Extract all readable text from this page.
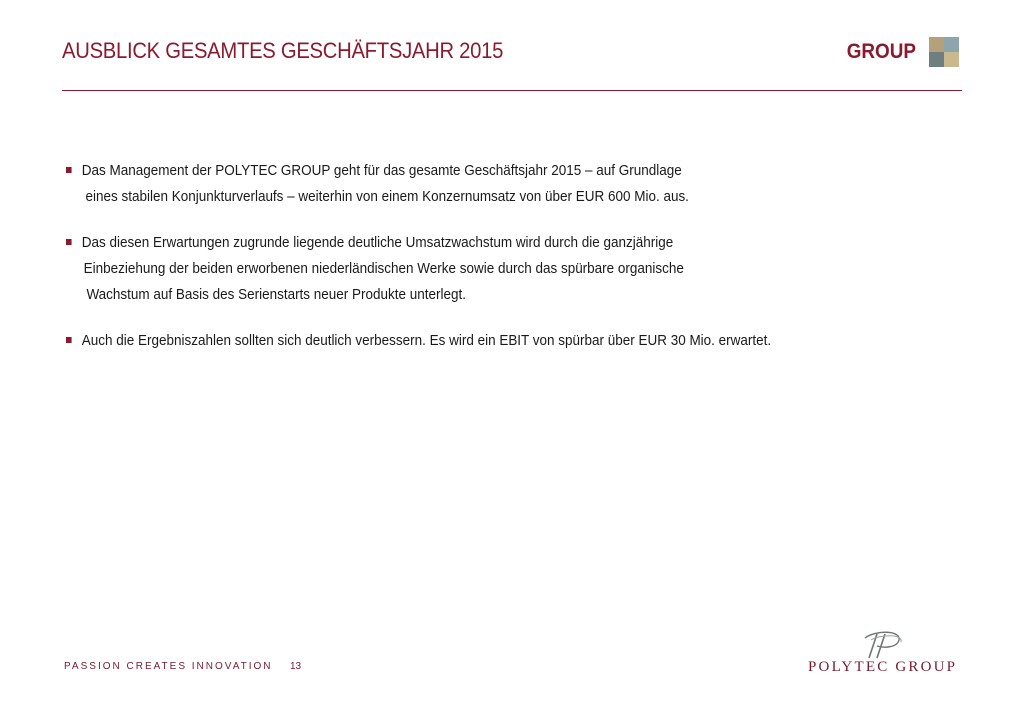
AUSBLICK GESAMTES GESCHÄFTSJAHR 2015	GROUP
Das Management der POLYTEC GROUP geht für das gesamte Geschäftsjahr 2015 – auf Grundlage
eines stabilen Konjunkturverlaufs – weiterhin von einem Konzernumsatz von über EUR 600 Mio. aus.
Das diesen Erwartungen zugrunde liegende deutliche Umsatzwachstum wird durch die ganzjährige
Einbeziehung der beiden erworbenen niederländischen Werke sowie durch das spürbare organische
Wachstum auf Basis des Serienstarts neuer Produkte unterlegt.
Auch die Ergebniszahlen sollten sich deutlich verbessern. Es wird ein EBIT von spürbar über EUR 30 Mio. erwartet.
PASSION CREATES INNOVATION 13	POLYTEC GROUP
